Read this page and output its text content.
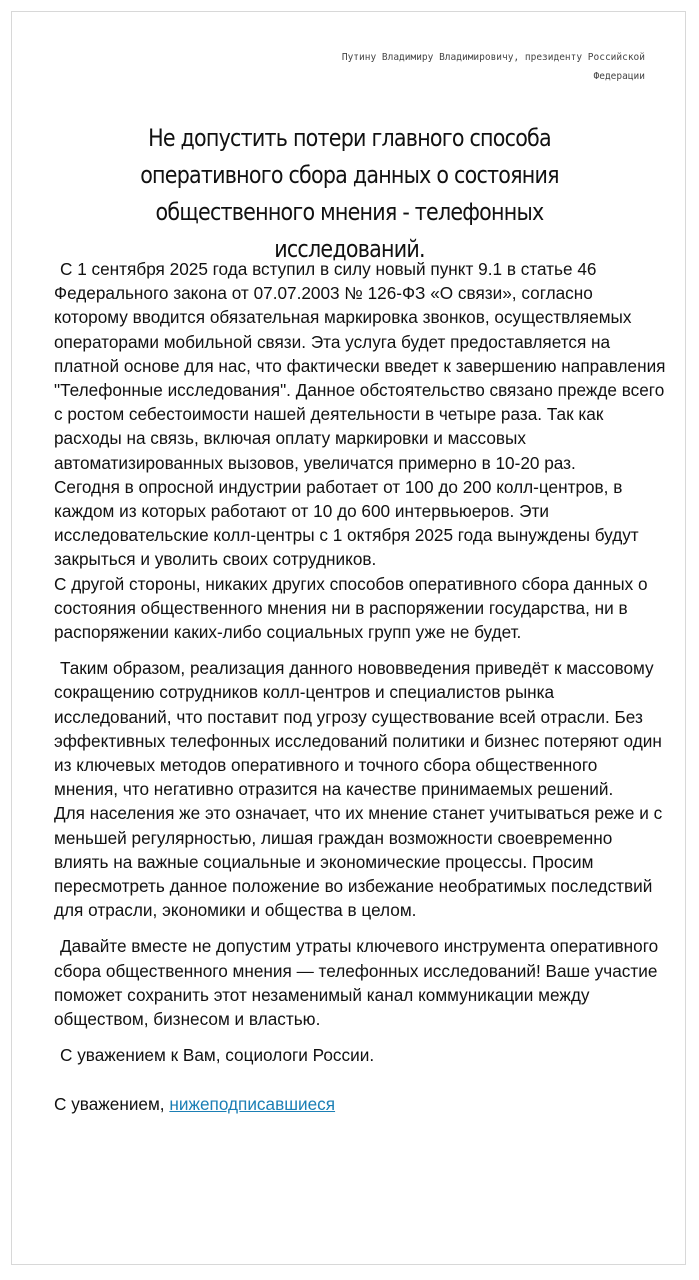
Путину Владимиру Владимировичу, президенту Российской Федерации
Не допустить потери главного способа оперативного сбора данных о состояния общественного мнения - телефонных исследований.

С 1 сентября 2025 года вступил в силу новый пункт 9.1 в статье 46 Федерального закона от 07.07.2003 № 126-ФЗ «О связи», согласно которому вводится обязательная маркировка звонков, осуществляемых операторами мобильной связи. Эта услуга будет предоставляется на платной основе для нас, что фактически введет к завершению направления "Телефонные исследования". Данное обстоятельство связано прежде всего с ростом себестоимости нашей деятельности в четыре раза. Так как расходы на связь, включая оплату маркировки и массовых автоматизированных вызовов, увеличатся примерно в 10-20 раз.

Сегодня в опросной индустрии работает от 100 до 200 колл-центров, в каждом из которых работают от 10 до 600 интервьюеров. Эти исследовательские колл-центры с 1 октября 2025 года вынуждены будут закрыться и уволить своих сотрудников.

С другой стороны, никаких других способов оперативного сбора данных о состояния общественного мнения ни в распоряжении государства, ни в распоряжении каких-либо социальных групп уже не будет.

Таким образом, реализация данного нововведения приведёт к массовому сокращению сотрудников колл-центров и специалистов рынка исследований, что поставит под угрозу существование всей отрасли. Без эффективных телефонных исследований политики и бизнес потеряют один из ключевых методов оперативного и точного сбора общественного мнения, что негативно отразится на качестве принимаемых решений.

Для населения же это означает, что их мнение станет учитываться реже и с меньшей регулярностью, лишая граждан возможности своевременно влиять на важные социальные и экономические процессы. Просим пересмотреть данное положение во избежание необратимых последствий для отрасли, экономики и общества в целом.

Давайте вместе не допустим утраты ключевого инструмента оперативного сбора общественного мнения — телефонных исследований! Ваше участие поможет сохранить этот незаменимый канал коммуникации между обществом, бизнесом и властью.

С уважением к Вам, социологи России.

С уважением, нижеподписавшиеся
